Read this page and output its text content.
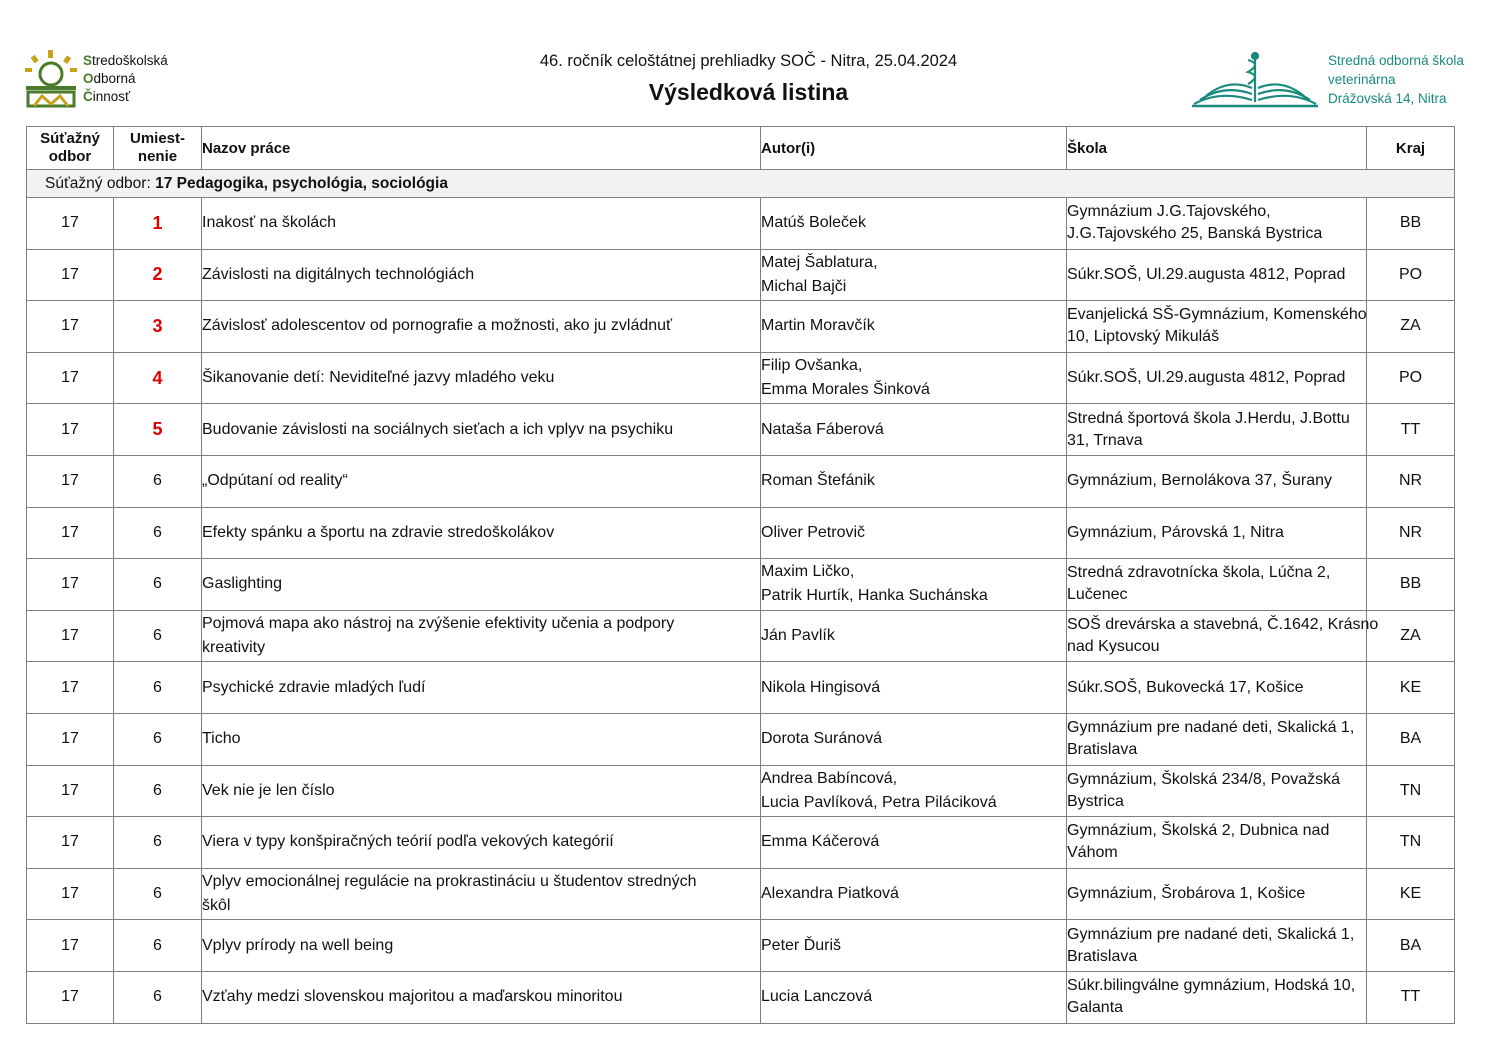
Stredoškolská
Odborná
Činnosť
46. ročník celoštátnej prehliadky SOČ - Nitra, 25.04.2024
Výsledková listina
Stredná odborná škola
veterinárna
Drážovská 14, Nitra
Súťažný
odbor	Umiest-
nenie	Nazov práce	Autor(i)	Škola	Kraj
Súťažný odbor: 17 Pedagogika, psychológia, sociológia					
17	1	Inakosť na školách	Matúš Boleček	Gymnázium J.G.Tajovského,
J.G.Tajovského 25, Banská Bystrica	BB
17	2	Závislosti na digitálnych technológiách	Matej Šablatura,
Michal Bajči	Súkr.SOŠ, Ul.29.augusta 4812, Poprad	PO
17	3	Závislosť adolescentov od pornografie a možnosti, ako ju zvládnuť	Martin Moravčík	Evanjelická SŠ-Gymnázium, Komenského
10, Liptovský Mikuláš	ZA
17	4	Šikanovanie detí: Neviditeľné jazvy mladého veku	Filip Ovšanka,
Emma Morales Šinková	Súkr.SOŠ, Ul.29.augusta 4812, Poprad	PO
17	5	Budovanie závislosti na sociálnych sieťach a ich vplyv na psychiku	Nataša Fáberová	Stredná športová škola J.Herdu, J.Bottu
31, Trnava	TT
17	6	„Odpútaní od reality“	Roman Štefánik	Gymnázium, Bernolákova 37, Šurany	NR
17	6	Efekty spánku a športu na zdravie stredoškolákov	Oliver Petrovič	Gymnázium, Párovská 1, Nitra	NR
17	6	Gaslighting	Maxim Ličko,
Patrik Hurtík, Hanka Suchánska	Stredná zdravotnícka škola, Lúčna 2,
Lučenec	BB
17	6	Pojmová mapa ako nástroj na zvýšenie efektivity učenia a podpory
kreativity	Ján Pavlík	SOŠ drevárska a stavebná, Č.1642, Krásno
nad Kysucou	ZA
17	6	Psychické zdravie mladých ľudí	Nikola Hingisová	Súkr.SOŠ, Bukovecká 17, Košice	KE
17	6	Ticho	Dorota Suránová	Gymnázium pre nadané deti, Skalická 1,
Bratislava	BA
17	6	Vek nie je len číslo	Andrea Babíncová,
Lucia Pavlíková, Petra Piláciková	Gymnázium, Školská 234/8, Považská
Bystrica	TN
17	6	Viera v typy konšpiračných teórií podľa vekových kategórií	Emma Káčerová	Gymnázium, Školská 2, Dubnica nad
Váhom	TN
17	6	Vplyv emocionálnej regulácie na prokrastináciu u študentov stredných
škôl	Alexandra Piatková	Gymnázium, Šrobárova 1, Košice	KE
17	6	Vplyv prírody na well being	Peter Ďuriš	Gymnázium pre nadané deti, Skalická 1,
Bratislava	BA
17	6	Vzťahy medzi slovenskou majoritou a maďarskou minoritou	Lucia Lanczová	Súkr.bilingválne gymnázium, Hodská 10,
Galanta	TT
